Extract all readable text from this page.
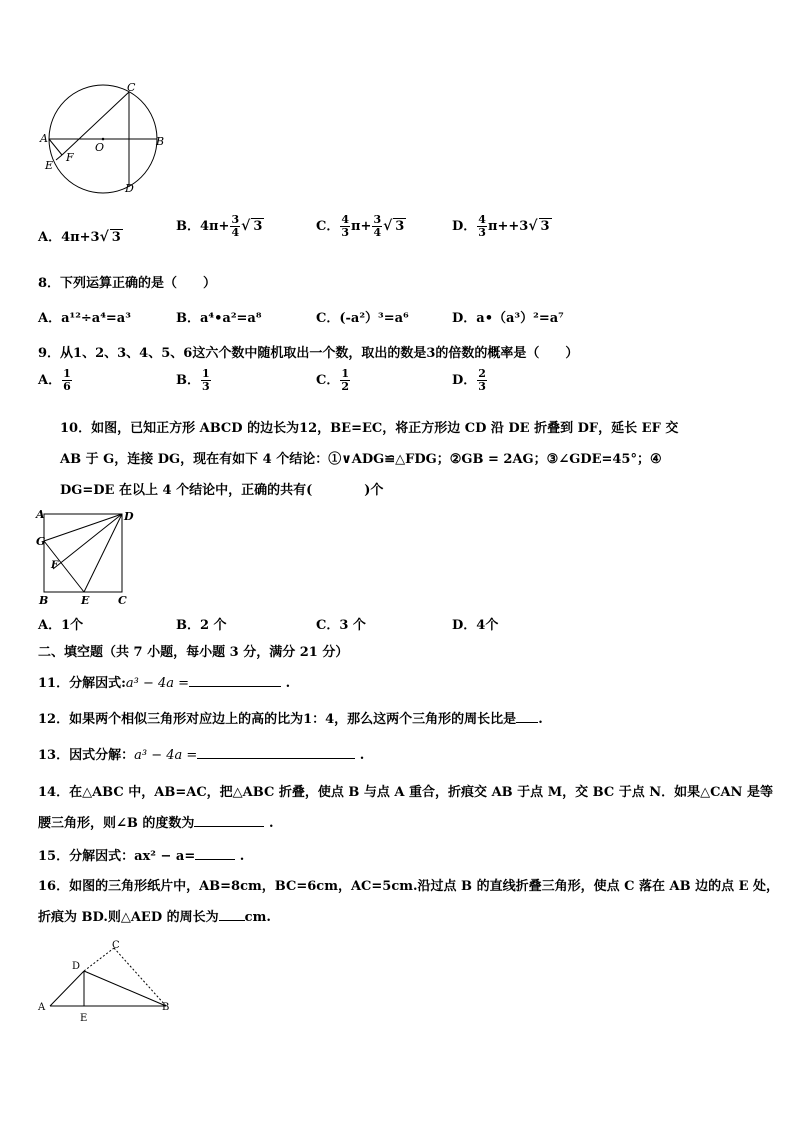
C
A	B
O
F
E
D
A．4π+3√ 3
B．$4\pi+ \frac{3}{4}$ √ 3	C． $\frac{4}{3} \pi+ \frac{3}{4}$ √ 3	D． $\frac{4}{3} \pi++3√$ 3
8．下列运算正确的是（　　）
A．a¹²÷a⁴=a³	B．a⁴•a²=a⁸	C．(-a²）³=a⁶	D．a•（a³）²=a⁷
9．从1、2、3、4、5、6这六个数中随机取出一个数，取出的数是3的倍数的概率是（　　）
A． $\frac{1}{6}$	B． $\frac{1}{3}$	C． $\frac{1}{2}$	D． $\frac{2}{3}$
10．如图，已知正方形 ABCD 的边长为12，BE=EC，将正方形边 CD 沿 DE 折叠到 DF，延长 EF 交
AB 于 G，连接 DG，现在有如下 4 个结论：①∨ADG≌△FDG；②GB = 2AG；③∠GDE=45°；④
DG=DE 在以上 4 个结论中，正确的共有(　　　　)个
A	D
G
F
B	E	C
A．1个	B．2 个	C．3 个	D．4个
二、填空题（共 7 小题，每小题 3 分，满分 21 分）
11．分解因式:a³ − 4a =	.
12．如果两个相似三角形对应边上的高的比为1：4，那么这两个三角形的周长比是 .
13．因式分解：a³ − 4a =	.
14．在△ABC 中，AB=AC，把△ABC 折叠，使点 B 与点 A 重合，折痕交 AB 于点 M，交 BC 于点 N．如果△CAN 是等
腰三角形，则∠B 的度数为	.
15．分解因式：ax² − a=	.
16．如图的三角形纸片中，AB=8cm，BC=6cm，AC=5cm.沿过点 B 的直线折叠三角形，使点 C 落在 AB 边的点 E 处，
折痕为 BD.则△AED 的周长为 cm.
C
D
A	B
E
